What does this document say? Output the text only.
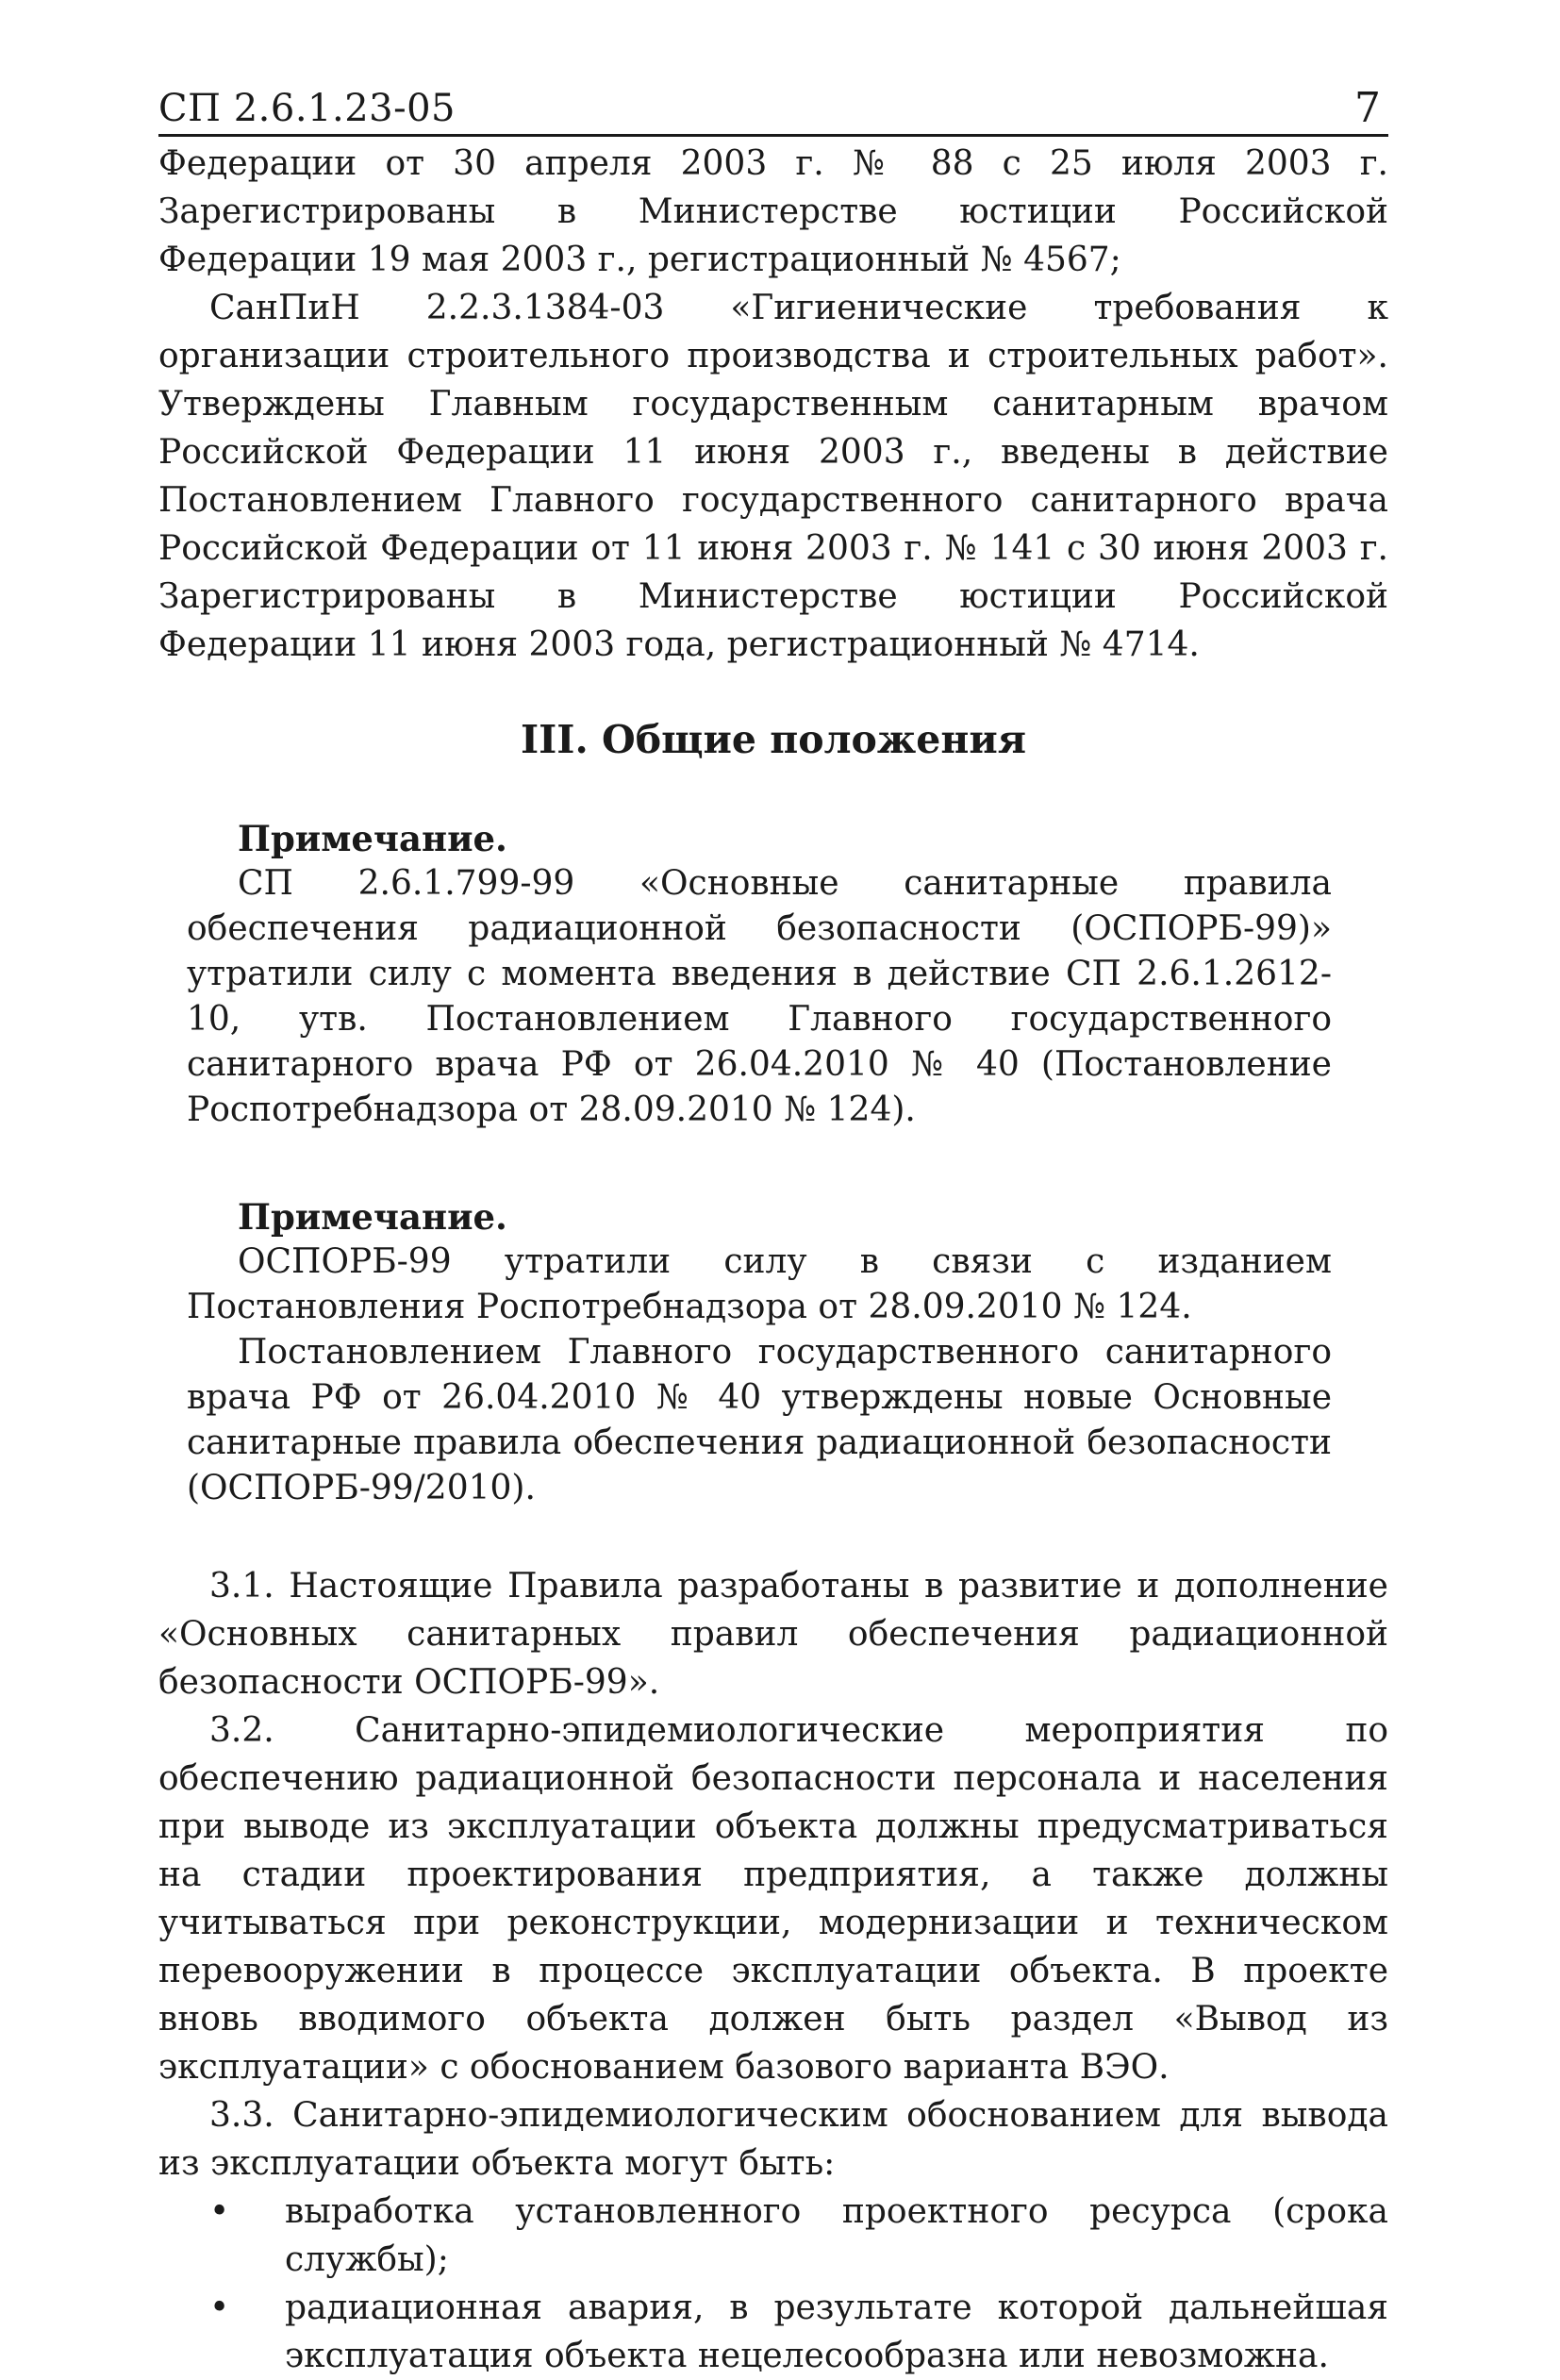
СП 2.6.1.23-05	7

Федерации от 30 апреля 2003 г. № 88 с 25 июля 2003 г. Зарегистрированы в Министерстве юстиции Российской Федерации 19 мая 2003 г., регистрационный № 4567;

СанПиН 2.2.3.1384-03 «Гигиенические требования к организации строительного производства и строительных работ». Утверждены Главным государственным санитарным врачом Российской Федерации 11 июня 2003 г., введены в действие Постановлением Главного государственного санитарного врача Российской Федерации от 11 июня 2003 г. № 141 с 30 июня 2003 г. Зарегистрированы в Министерстве юстиции Российской Федерации 11 июня 2003 года, регистрационный № 4714.

III. Общие положения
Примечание.

СП 2.6.1.799-99 «Основные санитарные правила обеспечения радиационной безопасности (ОСПОРБ-99)» утратили силу с момента введения в действие СП 2.6.1.2612-10, утв. Постановлением Главного государственного санитарного врача РФ от 26.04.2010 № 40 (Постановление Роспотребнадзора от 28.09.2010 № 124).

Примечание.

ОСПОРБ-99 утратили силу в связи с изданием Постановления Роспотребнадзора от 28.09.2010 № 124.

Постановлением Главного государственного санитарного врача РФ от 26.04.2010 № 40 утверждены новые Основные санитарные правила обеспечения радиационной безопасности (ОСПОРБ-99/2010).

3.1. Настоящие Правила разработаны в развитие и дополнение «Основных санитарных правил обеспечения радиационной безопасности ОСПОРБ-99».

3.2. Санитарно-эпидемиологические мероприятия по обеспечению радиационной безопасности персонала и населения при выводе из эксплуатации объекта должны предусматриваться на стадии проектирования предприятия, а также должны учитываться при реконструкции, модернизации и техническом перевооружении в процессе эксплуатации объекта. В проекте вновь вводимого объекта должен быть раздел «Вывод из эксплуатации» с обоснованием базового варианта ВЭО.

3.3. Санитарно-эпидемиологическим обоснованием для вывода из эксплуатации объекта могут быть:

• выработка установленного проектного ресурса (срока службы);
• радиационная авария, в результате которой дальнейшая эксплуатация объекта нецелесообразна или невозможна.
